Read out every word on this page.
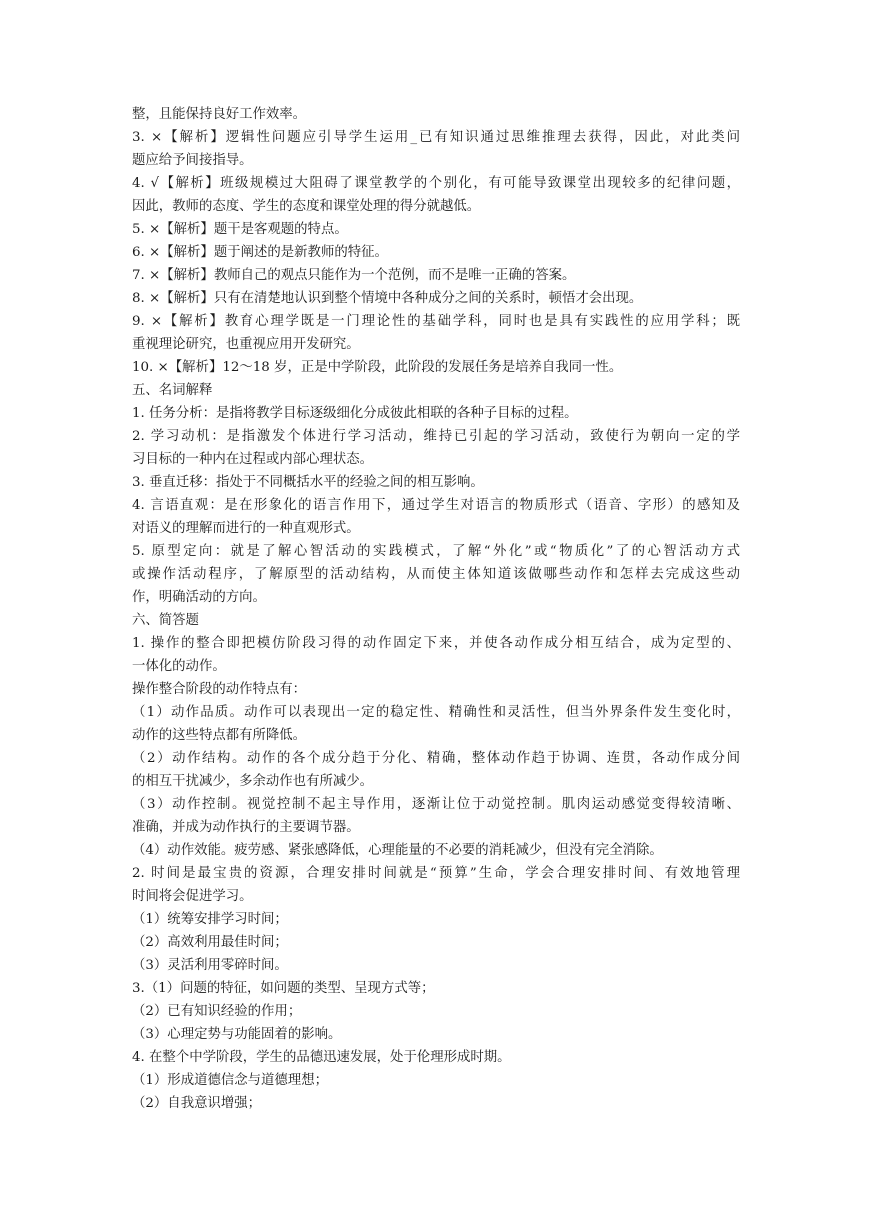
整，且能保持良好工作效率。

3. ×【解析】逻辑性问题应引导学生运用_已有知识通过思维推理去获得，因此，对此类问

题应给予间接指导。

4. √【解析】班级规模过大阻碍了课堂教学的个别化，有可能导致课堂出现较多的纪律问题，

因此，教师的态度、学生的态度和课堂处理的得分就越低。

5. ×【解析】题干是客观题的特点。

6. ×【解析】题于阐述的是新教师的特征。

7. ×【解析】教师自己的观点只能作为一个范例，而不是唯一正确的答案。

8. ×【解析】只有在清楚地认识到整个情境中各种成分之间的关系时，顿悟才会出现。

9. ×【解析】教育心理学既是一门理论性的基础学科，同时也是具有实践性的应用学科；既

重视理论研究，也重视应用开发研究。

10. ×【解析】12～18 岁，正是中学阶段，此阶段的发展任务是培养自我同一性。

五、名词解释

1. 任务分析：是指将教学目标逐级细化分成彼此相联的各种子目标的过程。

2. 学习动机：是指激发个体进行学习活动，维持已引起的学习活动，致使行为朝向一定的学

习目标的一种内在过程或内部心理状态。

3. 垂直迁移：指处于不同概括水平的经验之间的相互影响。

4. 言语直观：是在形象化的语言作用下，通过学生对语言的物质形式（语音、字形）的感知及

对语义的理解而进行的一种直观形式。

5. 原型定向：就是了解心智活动的实践模式，了解“外化”或“物质化”了的心智活动方式

或操作活动程序，了解原型的活动结构，从而使主体知道该做哪些动作和怎样去完成这些动

作，明确活动的方向。

六、简答题

1. 操作的整合即把模仿阶段习得的动作固定下来，并使各动作成分相互结合，成为定型的、

一体化的动作。

操作整合阶段的动作特点有：

（1）动作品质。动作可以表现出一定的稳定性、精确性和灵活性，但当外界条件发生变化时，

动作的这些特点都有所降低。

（2）动作结构。动作的各个成分趋于分化、精确，整体动作趋于协调、连贯，各动作成分间

的相互干扰减少，多余动作也有所减少。

（3）动作控制。视觉控制不起主导作用，逐渐让位于动觉控制。肌肉运动感觉变得较清晰、

准确，并成为动作执行的主要调节器。

（4）动作效能。疲劳感、紧张感降低，心理能量的不必要的消耗减少，但没有完全消除。

2. 时间是最宝贵的资源，合理安排时间就是“预算”生命，学会合理安排时间、有效地管理

时间将会促进学习。

（1）统筹安排学习时间；

（2）高效利用最佳时间；

（3）灵活利用零碎时间。

3.（1）问题的特征，如问题的类型、呈现方式等；

（2）已有知识经验的作用；

（3）心理定势与功能固着的影响。

4. 在整个中学阶段，学生的品德迅速发展，处于伦理形成时期。

（1）形成道德信念与道德理想；

（2）自我意识增强；
